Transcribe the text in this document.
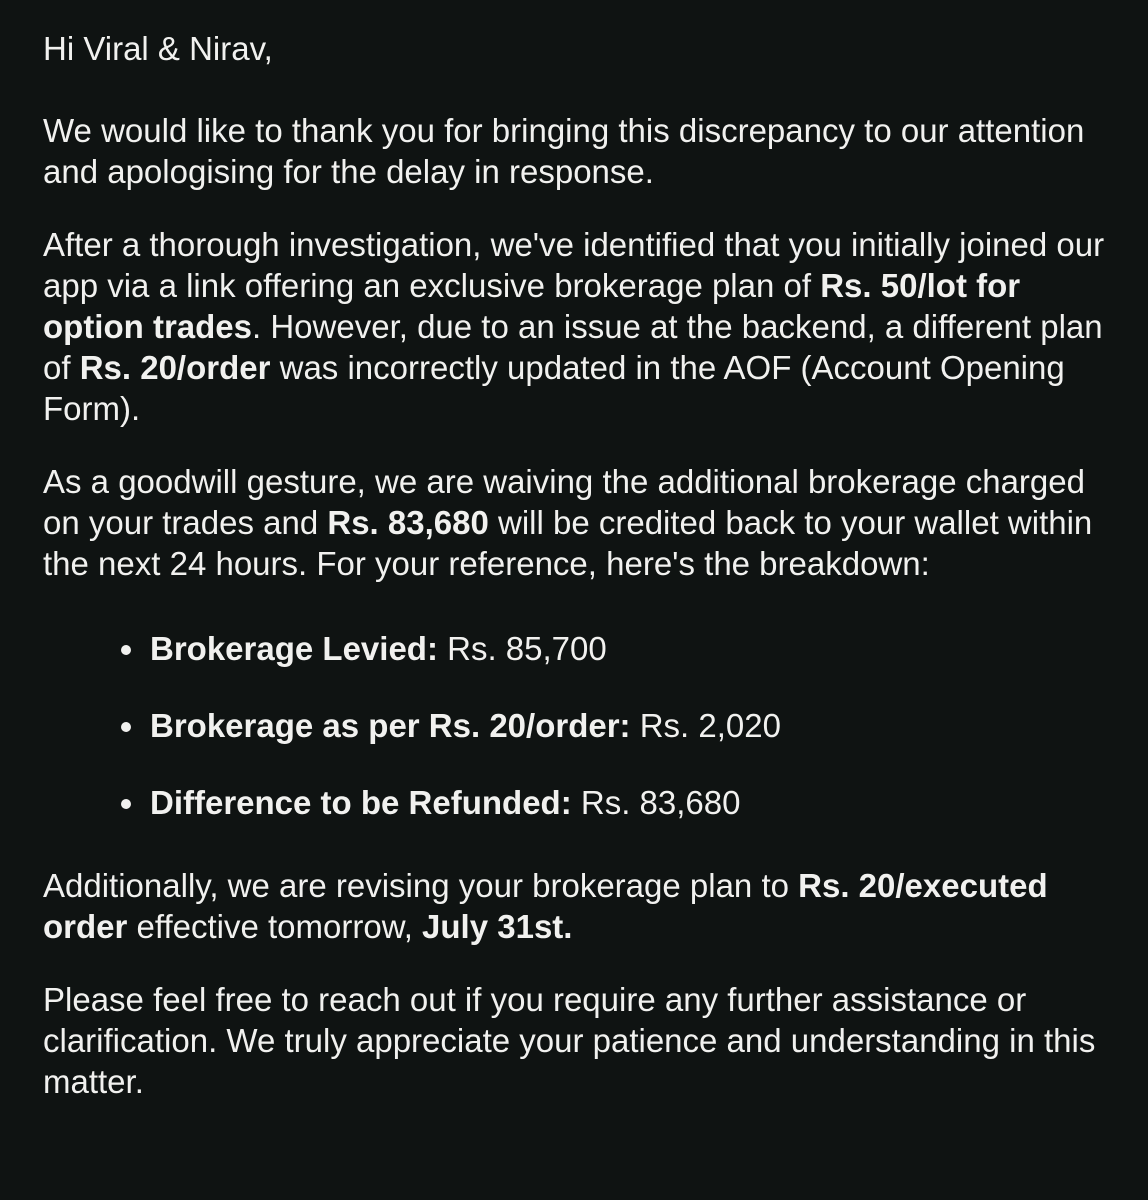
Hi Viral & Nirav,

We would like to thank you for bringing this discrepancy to our attention and apologising for the delay in response.

After a thorough investigation, we've identified that you initially joined our app via a link offering an exclusive brokerage plan of Rs. 50/lot for option trades. However, due to an issue at the backend, a different plan of Rs. 20/order was incorrectly updated in the AOF (Account Opening Form).

As a goodwill gesture, we are waiving the additional brokerage charged on your trades and Rs. 83,680 will be credited back to your wallet within the next 24 hours. For your reference, here's the breakdown:

Brokerage Levied: Rs. 85,700
Brokerage as per Rs. 20/order: Rs. 2,020
Difference to be Refunded: Rs. 83,680

Additionally, we are revising your brokerage plan to Rs. 20/executed order effective tomorrow, July 31st.

Please feel free to reach out if you require any further assistance or clarification. We truly appreciate your patience and understanding in this matter.
